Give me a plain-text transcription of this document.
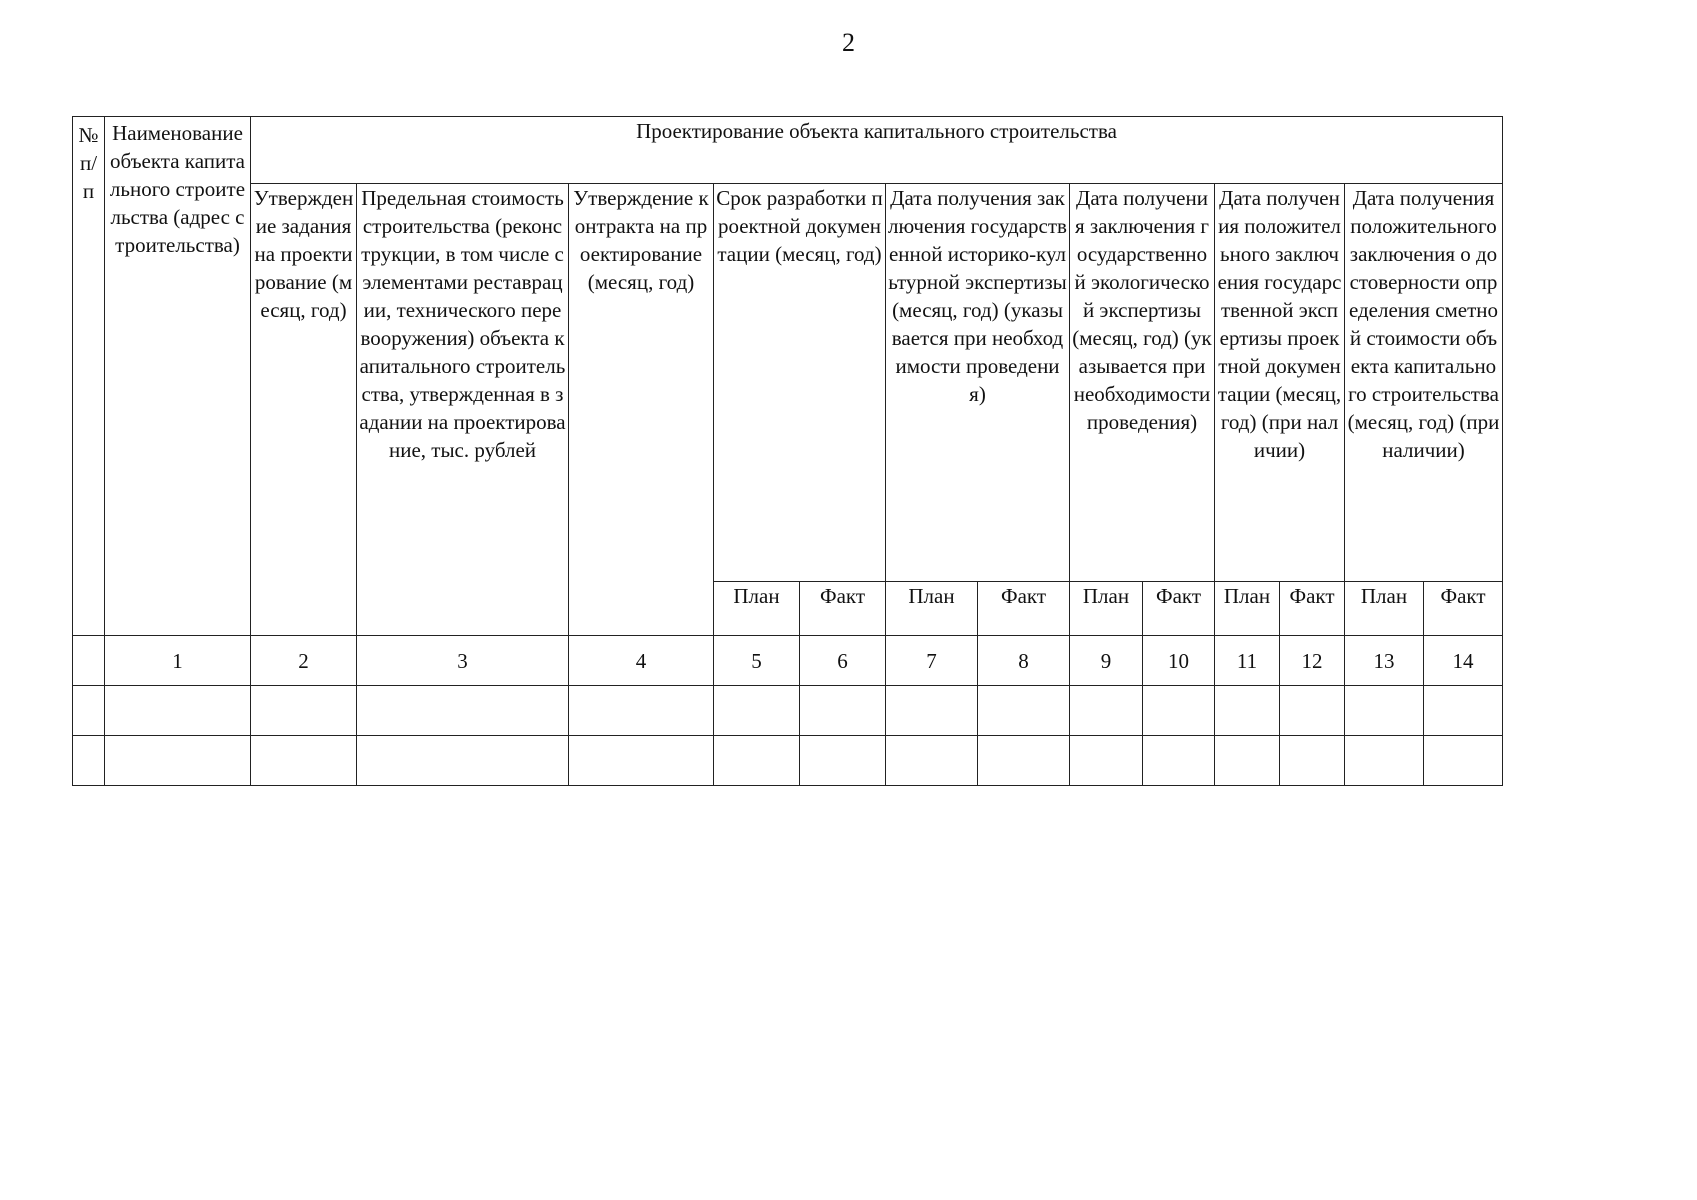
2
№ п/п	Наименование объекта капитального строительства (адрес строительства)	Проектирование объекта капитального строительства												
		Утверждение задания на проектирование (месяц, год)	Предельная стоимость строительства (реконструкции, в том числе с элементами реставрации, технического перевооружения) объекта капитального строительства, утвержденная в задании на проектирование, тыс. рублей	Утверждение контракта на проектирование (месяц, год)	Срок разработки проектной документации (месяц, год)		Дата получения заключения государственной историко-культурной экспертизы (месяц, год) (указывается при необходимости проведения)		Дата получения заключения государственной экологической экспертизы (месяц, год) (указывается при необходимости проведения)		Дата получения положительного заключения государственной экспертизы проектной документации (месяц, год) (при наличии)		Дата получения положительного заключения о достоверности определения сметной стоимости объекта капитального строительства (месяц, год) (при наличии)	
					План	Факт	План	Факт	План	Факт	План	Факт	План	Факт
	1	2	3	4	5	6	7	8	9	10	11	12	13	14
